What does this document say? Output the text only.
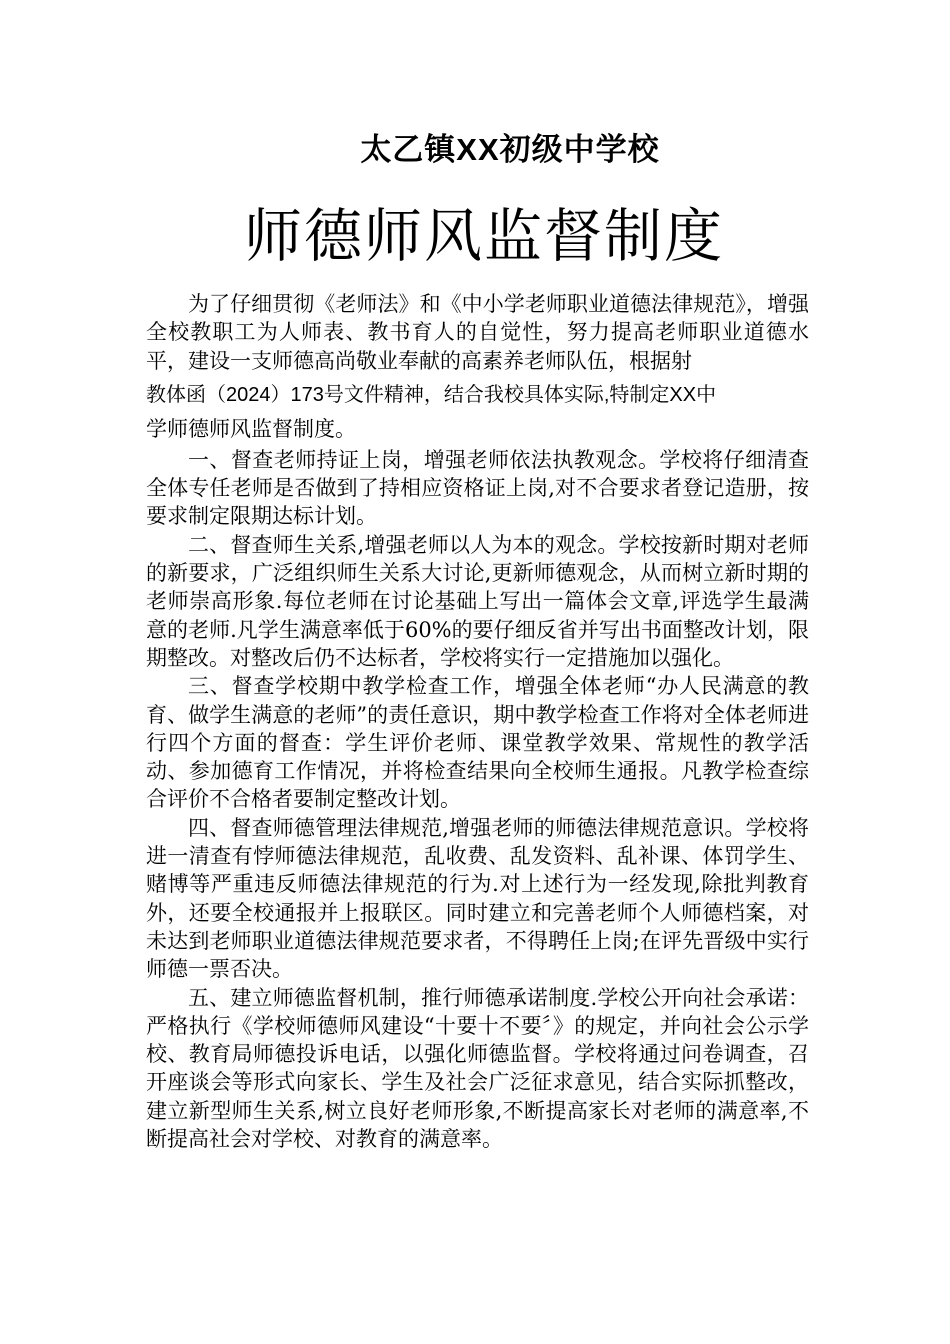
太乙镇XX初级中学校
师德师风监督制度
为了仔细贯彻《老师法》和《中小学老师职业道德法律规范》，增强全校教职工为人师表、教书育人的自觉性，努力提高老师职业道德水平，建设一支师德高尚敬业奉献的高素养老师队伍，根据射
教体函（2024）173号文件精神，结合我校具体实际,特制定XX中
学师德师风监督制度。

一、督查老师持证上岗，增强老师依法执教观念。学校将仔细清查全体专任老师是否做到了持相应资格证上岗,对不合要求者登记造册，按要求制定限期达标计划。

二、督查师生关系,增强老师以人为本的观念。学校按新时期对老师的新要求，广泛组织师生关系大讨论,更新师德观念，从而树立新时期的老师崇高形象.每位老师在讨论基础上写出一篇体会文章,评选学生最满意的老师.凡学生满意率低于60%的要仔细反省并写出书面整改计划，限期整改。对整改后仍不达标者，学校将实行一定措施加以强化。

三、督查学校期中教学检查工作，增强全体老师“办人民满意的教育、做学生满意的老师”的责任意识，期中教学检查工作将对全体老师进行四个方面的督查：学生评价老师、课堂教学效果、常规性的教学活动、参加德育工作情况，并将检查结果向全校师生通报。凡教学检查综合评价不合格者要制定整改计划。

四、督查师德管理法律规范,增强老师的师德法律规范意识。学校将进一清查有悖师德法律规范，乱收费、乱发资料、乱补课、体罚学生、赌博等严重违反师德法律规范的行为.对上述行为一经发现,除批判教育外，还要全校通报并上报联区。同时建立和完善老师个人师德档案，对未达到老师职业道德法律规范要求者，不得聘任上岗;在评先晋级中实行师德一票否决。

五、建立师德监督机制，推行师德承诺制度.学校公开向社会承诺：严格执行《学校师德师风建设“十要十不要〞》的规定，并向社会公示学校、教育局师德投诉电话，以强化师德监督。学校将通过问卷调查，召开座谈会等形式向家长、学生及社会广泛征求意见，结合实际抓整改，建立新型师生关系,树立良好老师形象,不断提高家长对老师的满意率,不断提高社会对学校、对教育的满意率。
